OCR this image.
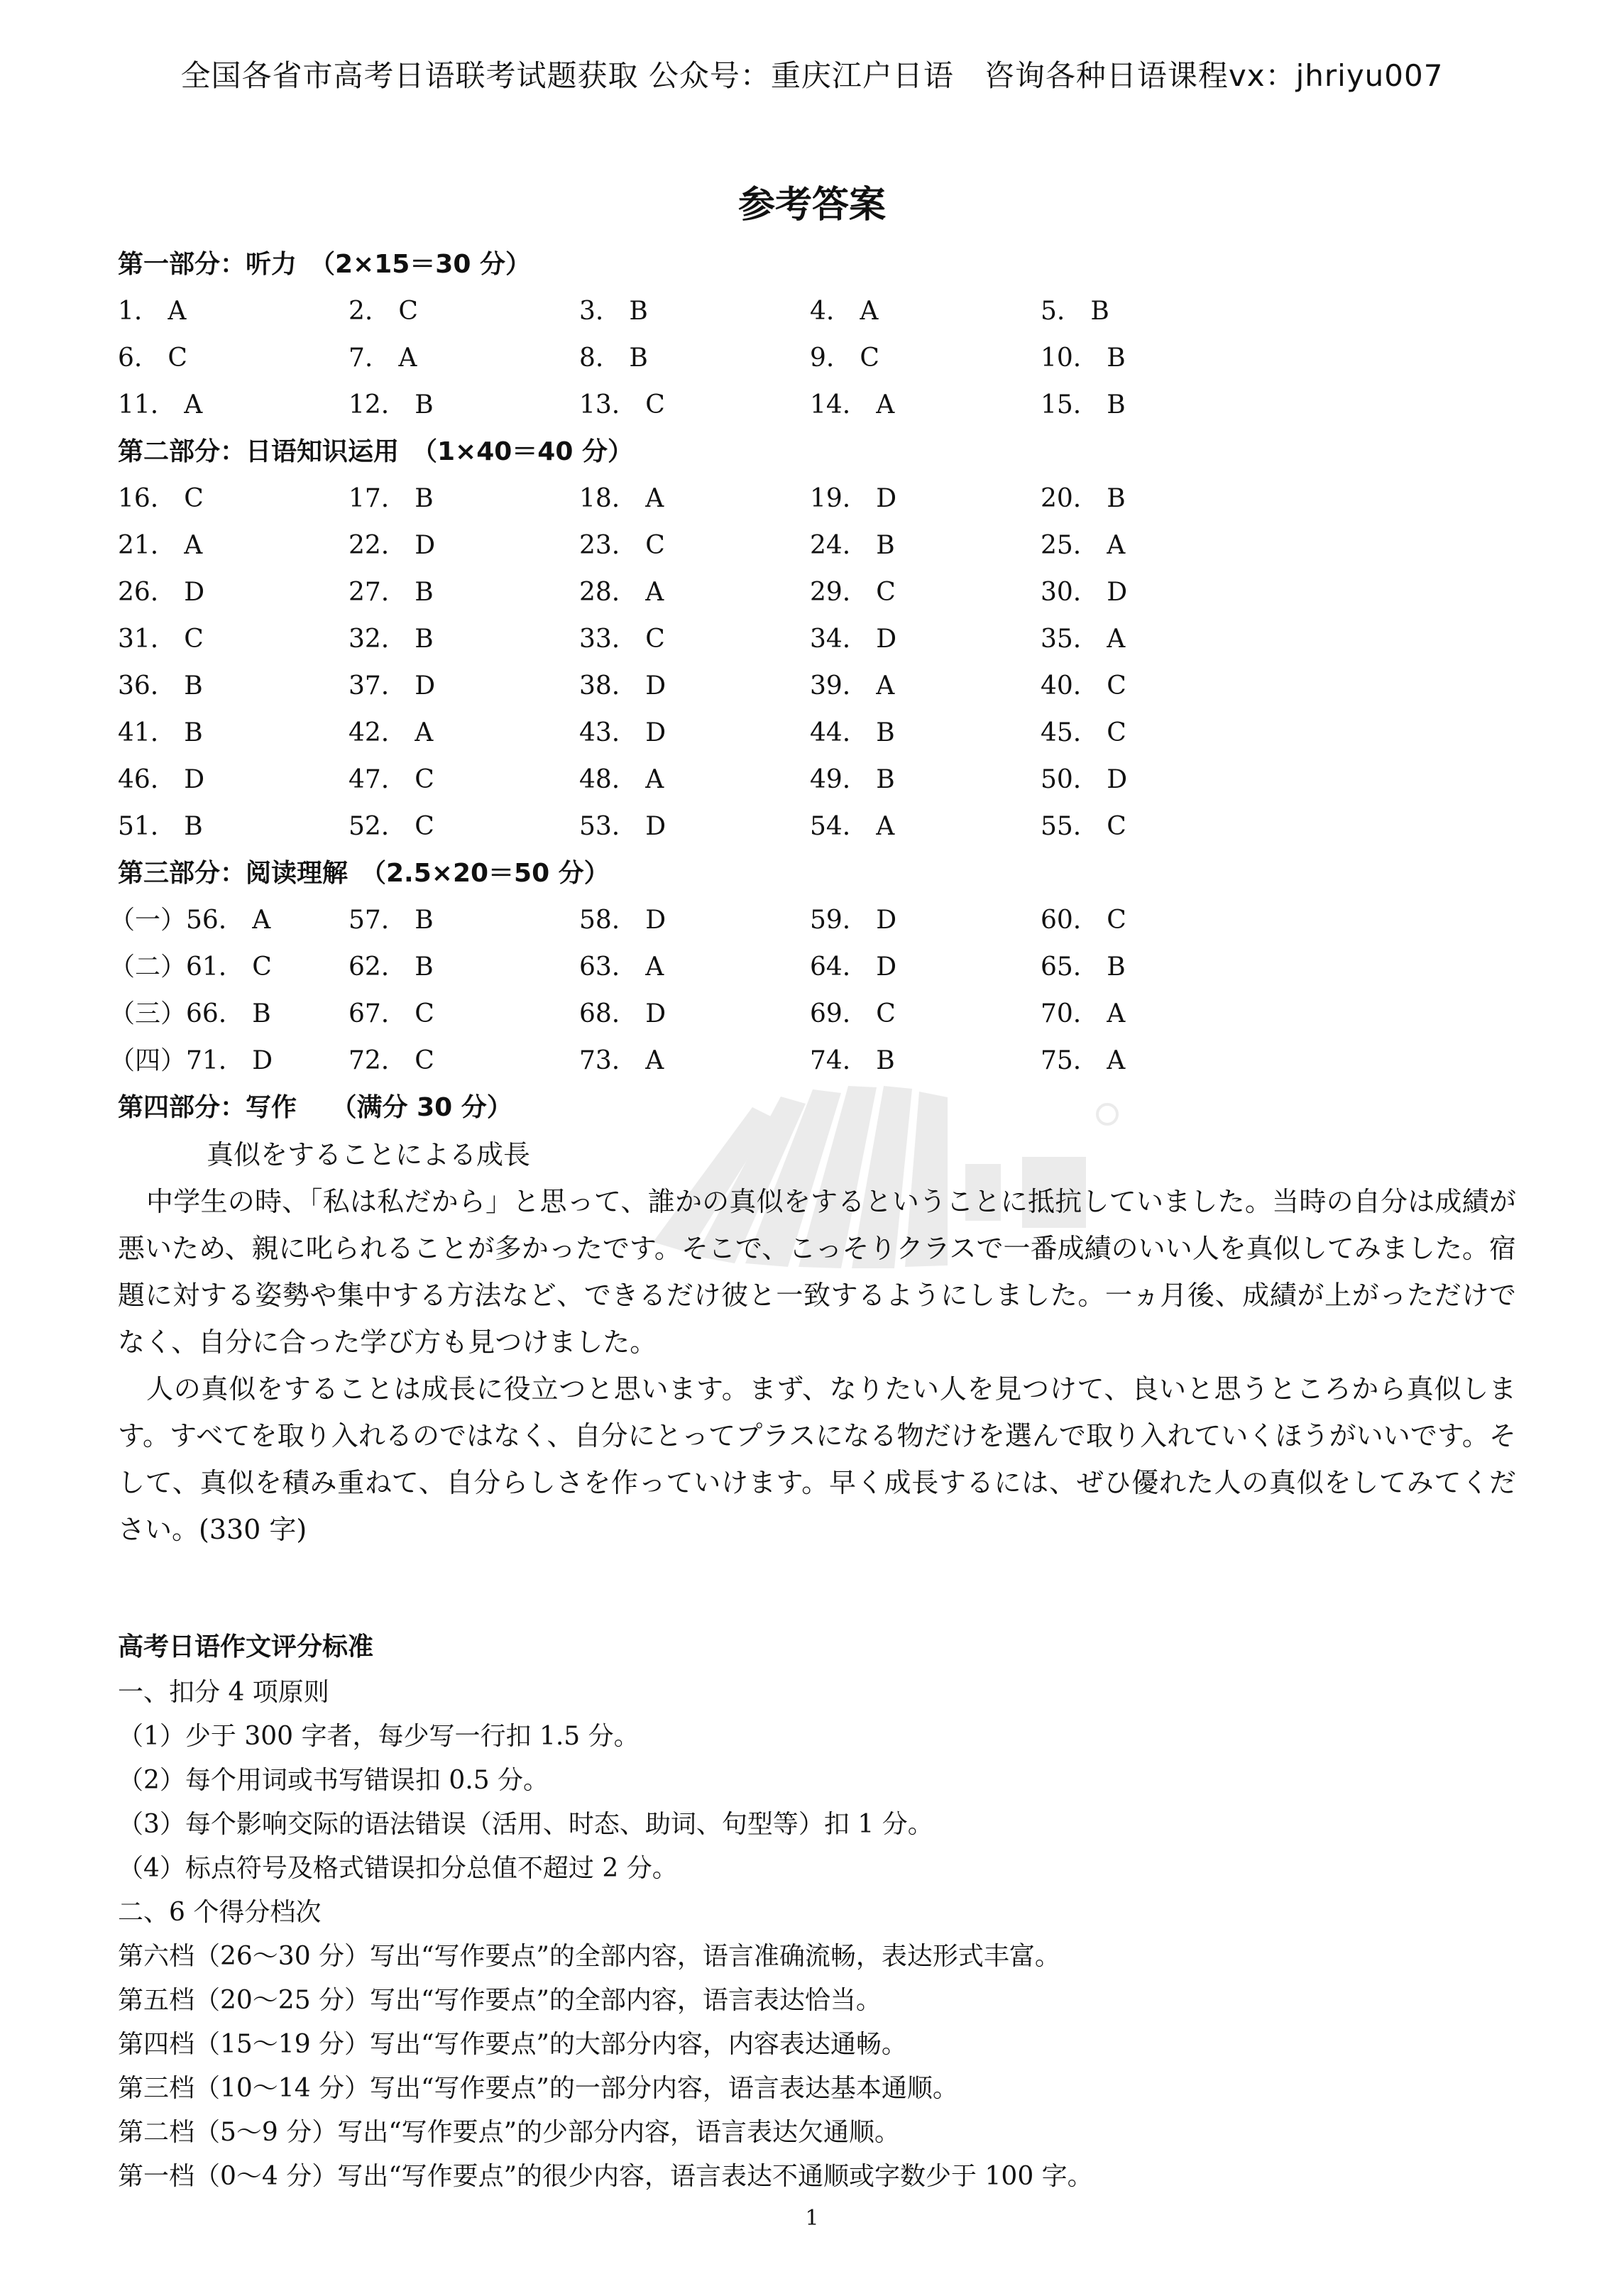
全国各省市高考日语联考试题获取 公众号：重庆江户日语　咨询各种日语课程vx：jhriyu007
参考答案
第一部分：听力　（2×15＝30 分）
1.　A	2.　C	3.　B	4.　A	5.　B
6.　C	7.　A	8.　B	9.　C	10.　B
11.　A	12.　B	13.　C	14.　A	15.　B
第二部分：日语知识运用　（1×40＝40 分）
16.　C	17.　B	18.　A	19.　D	20.　B
21.　A	22.　D	23.　C	24.　B	25.　A
26.　D	27.　B	28.　A	29.　C	30.　D
31.　C	32.　B	33.　C	34.　D	35.　A
36.　B	37.　D	38.　D	39.　A	40.　C
41.　B	42.　A	43.　D	44.　B	45.　C
46.　D	47.　C	48.　A	49.　B	50.　D
51.　B	52.　C	53.　D	54.　A	55.　C
第三部分：阅读理解　（2.5×20＝50 分）
（一）56.　A	57.　B	58.　D	59.　D	60.　C
（二）61.　C	62.　B	63.　A	64.　D	65.　B
（三）66.　B	67.　C	68.　D	69.　C	70.　A
（四）71.　D	72.　C	73.　A	74.　B	75.　A
第四部分：写作　 （满分 30 分）
真似をすることによる成長

中学生の時、「私は私だから」と思って、誰かの真似をするということに抵抗していました。当時の自分は成績が悪いため、親に叱られることが多かったです。そこで、こっそりクラスで一番成績のいい人を真似してみました。宿題に対する姿勢や集中する方法など、できるだけ彼と一致するようにしました。一ヵ月後、成績が上がっただけでなく、自分に合った学び方も見つけました。

人の真似をすることは成長に役立つと思います。まず、なりたい人を見つけて、良いと思うところから真似します。すべてを取り入れるのではなく、自分にとってプラスになる物だけを選んで取り入れていくほうがいいです。そして、真似を積み重ねて、自分らしさを作っていけます。早く成長するには、ぜひ優れた人の真似をしてみてください。(330 字)

高考日语作文评分标准
一、扣分 4 项原则
（1）少于 300 字者，每少写一行扣 1.5 分。
（2）每个用词或书写错误扣 0.5 分。
（3）每个影响交际的语法错误（活用、时态、助词、句型等）扣 1 分。
（4）标点符号及格式错误扣分总值不超过 2 分。
二、6 个得分档次
第六档（26～30 分）写出“写作要点”的全部内容，语言准确流畅，表达形式丰富。
第五档（20～25 分）写出“写作要点”的全部内容，语言表达恰当。
第四档（15～19 分）写出“写作要点”的大部分内容，内容表达通畅。
第三档（10～14 分）写出“写作要点”的一部分内容，语言表达基本通顺。
第二档（5～9 分）写出“写作要点”的少部分内容，语言表达欠通顺。
第一档（0～4 分）写出“写作要点”的很少内容，语言表达不通顺或字数少于 100 字。
1
